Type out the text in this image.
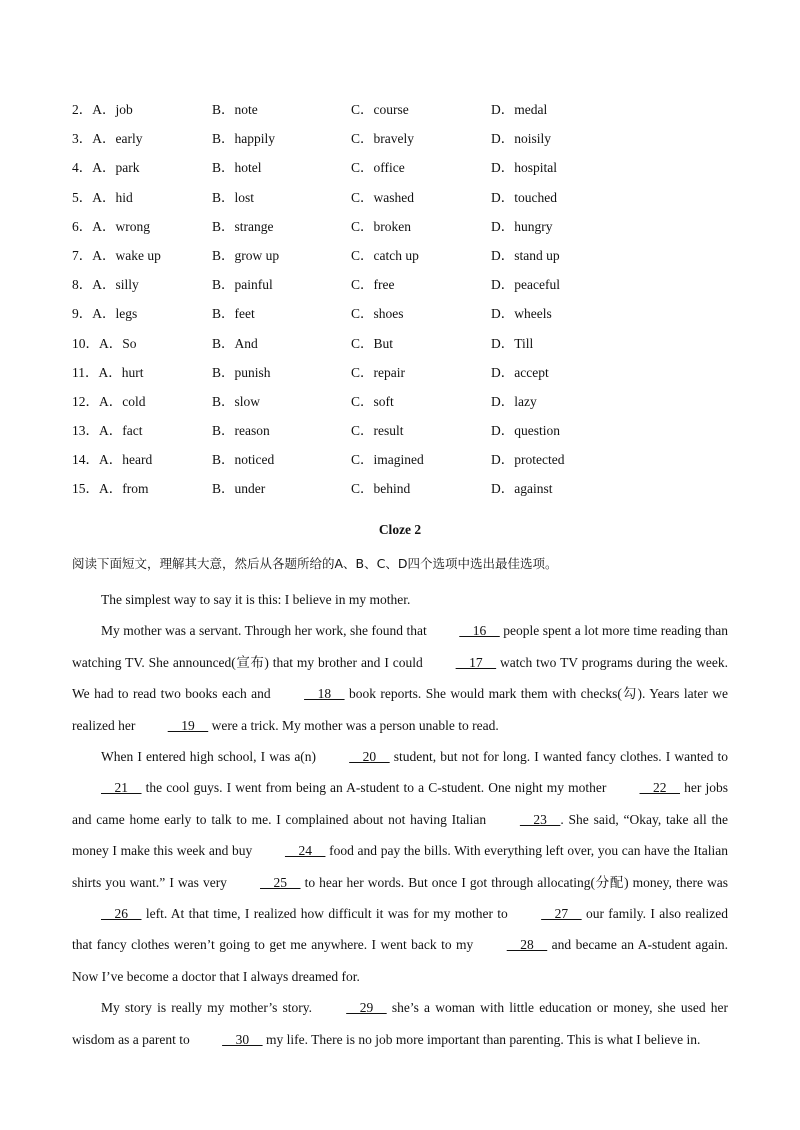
2．A．job	B．note	C．course	D．medal
3．A．early	B．happily	C．bravely	D．noisily
4．A．park	B．hotel	C．office	D．hospital
5．A．hid	B．lost	C．washed	D．touched
6．A．wrong	B．strange	C．broken	D．hungry
7．A．wake up	B．grow up	C．catch up	D．stand up
8．A．silly	B．painful	C．free	D．peaceful
9．A．legs	B．feet	C．shoes	D．wheels
10．A．So	B．And	C．But	D．Till
11．A．hurt	B．punish	C．repair	D．accept
12．A．cold	B．slow	C．soft	D．lazy
13．A．fact	B．reason	C．result	D．question
14．A．heard	B．noticed	C．imagined	D．protected
15．A．from	B．under	C．behind	D．against
Cloze 2
阅读下面短文，理解其大意，然后从各题所给的A、B、C、D四个选项中选出最佳选项。

The simplest way to say it is this: I believe in my mother.

My mother was a servant. Through her work, she found that     16     people spent a lot more time reading than watching TV. She announced(宣布) that my brother and I could     17     watch two TV programs during the week. We had to read two books each and     18     book reports. She would mark them with checks(勾). Years later we realized her     19     were a trick. My mother was a person unable to read.

When I entered high school, I was a(n)     20     student, but not for long. I wanted fancy clothes. I wanted to     21     the cool guys. I went from being an A-student to a C-student. One night my mother     22     her jobs and came home early to talk to me. I complained about not having Italian     23    . She said, “Okay, take all the money I make this week and buy     24     food and pay the bills. With everything left over, you can have the Italian shirts you want.” I was very     25     to hear her words. But once I got through allocating(分配) money, there was     26     left. At that time, I realized how difficult it was for my mother to     27     our family. I also realized that fancy clothes weren’t going to get me anywhere. I went back to my     28     and became an A-student again. Now I’ve become a doctor that I always dreamed for.

My story is really my mother’s story.     29     she’s a woman with little education or money, she used her wisdom as a parent to     30     my life. There is no job more important than parenting. This is what I believe in.
